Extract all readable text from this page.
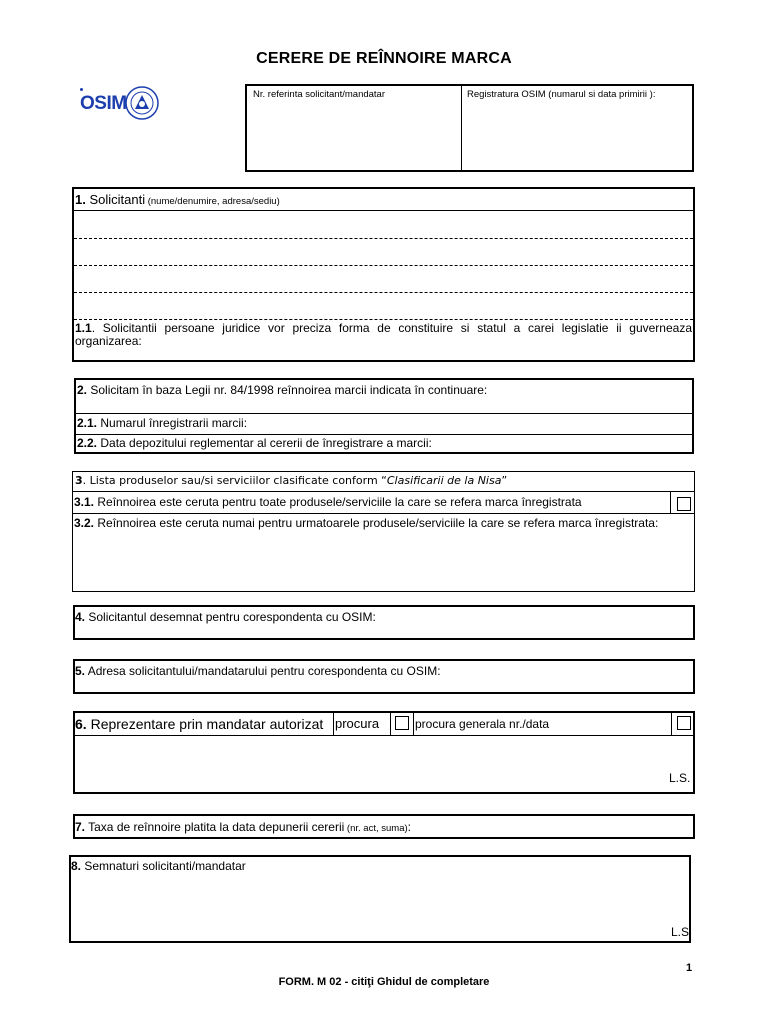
CERERE DE REÎNNOIRE MARCA
OSIM	Nr. referinta solicitant/mandatar	Registratura OSIM (numarul si data primirii ):
1. Solicitanti (nume/denumire, adresa/sediu)
1.1. Solicitantii persoane juridice vor preciza forma de constituire si statul a carei legislatie ii guverneaza organizarea:
2. Solicitam în baza Legii nr. 84/1998 reînnoirea marcii indicata în continuare:
2.1. Numarul înregistrarii marcii:
2.2. Data depozitului reglementar al cererii de înregistrare a marcii:
3. Lista produselor sau/si serviciilor clasificate conform “Clasificarii de la Nisa”
3.1. Reînnoirea este ceruta pentru toate produsele/serviciile la care se refera marca înregistrata
3.2. Reînnoirea este ceruta numai pentru urmatoarele produsele/serviciile la care se refera marca înregistrata:
4. Solicitantul desemnat pentru corespondenta cu OSIM:
5. Adresa solicitantului/mandatarului pentru corespondenta cu OSIM:
6. Reprezentare prin mandatar autorizat procura	procura generala nr./data
L.S.
7. Taxa de reînnoire platita la data depunerii cererii (nr. act, suma):
8. Semnaturi solicitanti/mandatar
L.S
1
FORM. M 02 - citiţi Ghidul de completare
